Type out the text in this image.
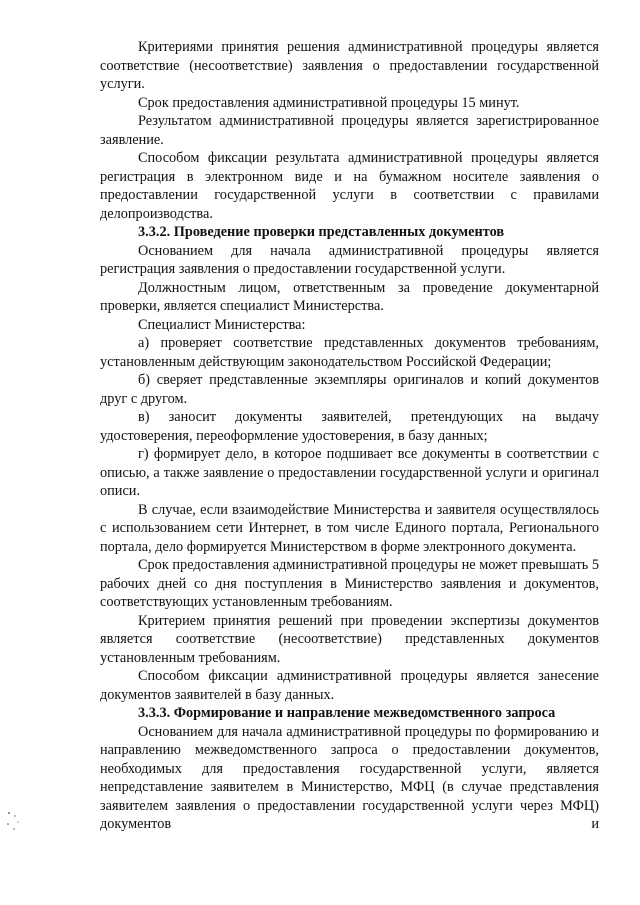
Критериями принятия решения административной процедуры является соответствие (несоответствие) заявления о предоставлении государственной услуги.

Срок предоставления административной процедуры 15 минут.

Результатом административной процедуры является зарегистрированное заявление.

Способом фиксации результата административной процедуры является регистрация в электронном виде и на бумажном носителе заявления о предоставлении государственной услуги в соответствии с правилами делопроизводства.

3.3.2. Проведение проверки представленных документов

Основанием для начала административной процедуры является регистрация заявления о предоставлении государственной услуги.

Должностным лицом, ответственным за проведение документарной проверки, является специалист Министерства.

Специалист Министерства:

а) проверяет соответствие представленных документов требованиям, установленным действующим законодательством Российской Федерации;

б) сверяет представленные экземпляры оригиналов и копий документов друг с другом.

в) заносит документы заявителей, претендующих на выдачу удостоверения, переоформление удостоверения, в базу данных;

г) формирует дело, в которое подшивает все документы в соответствии с описью, а также заявление о предоставлении государственной услуги и оригинал описи.

В случае, если взаимодействие Министерства и заявителя осуществлялось с использованием сети Интернет, в том числе Единого портала, Регионального портала, дело формируется Министерством в форме электронного документа.

Срок предоставления административной процедуры не может превышать 5 рабочих дней со дня поступления в Министерство заявления и документов, соответствующих установленным требованиям.

Критерием принятия решений при проведении экспертизы документов является соответствие (несоответствие) представленных документов установленным требованиям.

Способом фиксации административной процедуры является занесение документов заявителей в базу данных.

3.3.3. Формирование и направление межведомственного запроса

Основанием для начала административной процедуры по формированию и направлению межведомственного запроса о предоставлении документов, необходимых для предоставления государственной услуги, является непредставление заявителем в Министерство, МФЦ (в случае представления заявителем заявления о предоставлении государственной услуги через МФЦ) документов и
